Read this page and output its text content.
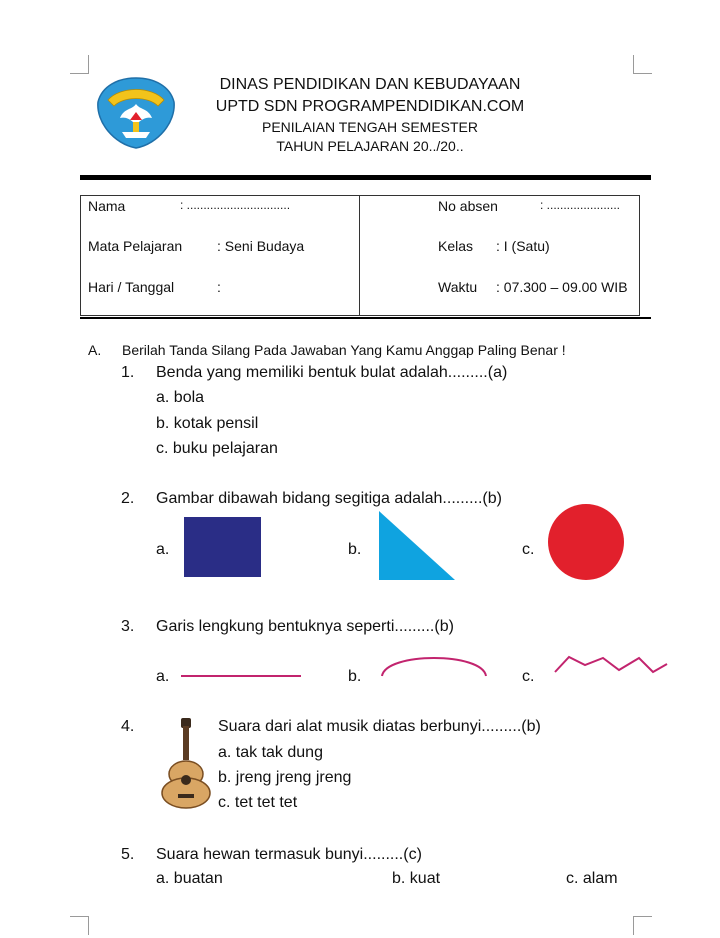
DINAS PENDIDIKAN DAN KEBUDAYAAN
UPTD SDN PROGRAMPENDIDIKAN.COM
PENILAIAN TENGAH SEMESTER
TAHUN PELAJARAN 20../20..
Nama	: ...............................
Mata Pelajaran : Seni Budaya
Hari / Tanggal	:
No absen	: ......................
Kelas : I (Satu)
Waktu : 07.300 – 09.00 WIB
A. Berilah Tanda Silang Pada Jawaban Yang Kamu Anggap Paling Benar !
1. Benda yang memiliki bentuk bulat adalah.........(a)
a. bola
b. kotak pensil
c. buku pelajaran
2. Gambar dibawah bidang segitiga adalah.........(b)
a.	b.	c.
3. Garis lengkung bentuknya seperti.........(b)
a.	b.	c.
4.	Suara dari alat musik diatas berbunyi.........(b)
a. tak tak dung
b. jreng jreng jreng
c. tet tet tet
5. Suara hewan termasuk bunyi.........(c)
a. buatan	b. kuat	c. alam
